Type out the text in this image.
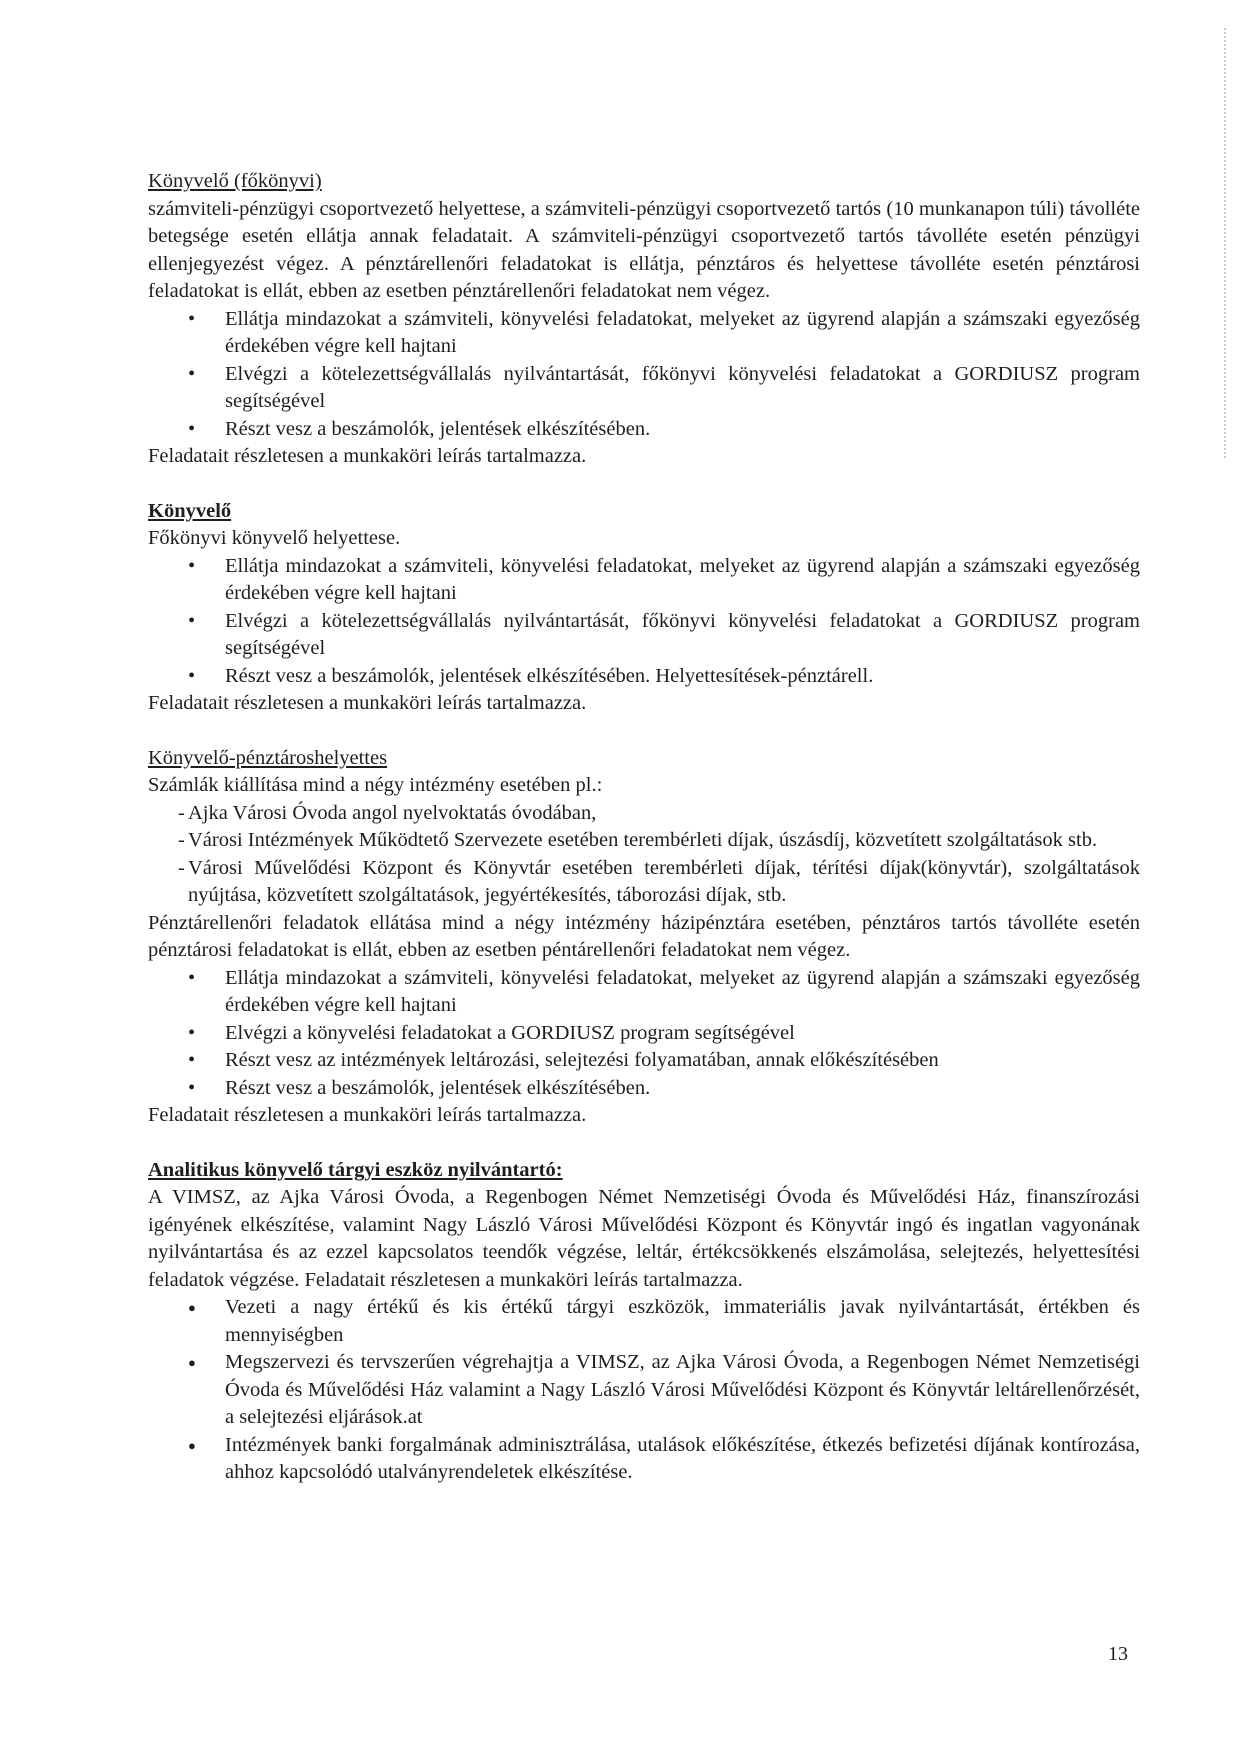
Könyvelő (főkönyvi)

számviteli-pénzügyi csoportvezető helyettese, a számviteli-pénzügyi csoportvezető tartós (10 munkanapon túli) távolléte betegsége esetén ellátja annak feladatait. A számviteli-pénzügyi csoportvezető tartós távolléte esetén pénzügyi ellenjegyezést végez. A pénztárellenőri feladatokat is ellátja, pénztáros és helyettese távolléte esetén pénztárosi feladatokat is ellát, ebben az esetben pénztárellenőri feladatokat nem végez.

• Ellátja mindazokat a számviteli, könyvelési feladatokat, melyeket az ügyrend alapján a számszaki egyezőség érdekében végre kell hajtani
• Elvégzi a kötelezettségvállalás nyilvántartását, főkönyvi könyvelési feladatokat a GORDIUSZ program segítségével
• Részt vesz a beszámolók, jelentések elkészítésében.

Feladatait részletesen a munkaköri leírás tartalmazza.

Könyvelő

Főkönyvi könyvelő helyettese.

• Ellátja mindazokat a számviteli, könyvelési feladatokat, melyeket az ügyrend alapján a számszaki egyezőség érdekében végre kell hajtani
• Elvégzi a kötelezettségvállalás nyilvántartását, főkönyvi könyvelési feladatokat a GORDIUSZ program segítségével
• Részt vesz a beszámolók, jelentések elkészítésében. Helyettesítések-pénztárell.

Feladatait részletesen a munkaköri leírás tartalmazza.

Könyvelő-pénztároshelyettes

Számlák kiállítása mind a négy intézmény esetében pl.:

- Ajka Városi Óvoda angol nyelvoktatás óvodában,
- Városi Intézmények Működtető Szervezete esetében terembérleti díjak, úszásdíj, közvetített szolgáltatások stb.
- Városi Művelődési Központ és Könyvtár esetében terembérleti díjak, térítési díjak(könyvtár), szolgáltatások nyújtása, közvetített szolgáltatások, jegyértékesítés, táborozási díjak, stb.

Pénztárellenőri feladatok ellátása mind a négy intézmény házipénztára esetében, pénztáros tartós távolléte esetén pénztárosi feladatokat is ellát, ebben az esetben péntárellenőri feladatokat nem végez.

• Ellátja mindazokat a számviteli, könyvelési feladatokat, melyeket az ügyrend alapján a számszaki egyezőség érdekében végre kell hajtani
• Elvégzi a könyvelési feladatokat a GORDIUSZ program segítségével
• Részt vesz az intézmények leltározási, selejtezési folyamatában, annak előkészítésében
• Részt vesz a beszámolók, jelentések elkészítésében.

Feladatait részletesen a munkaköri leírás tartalmazza.

Analitikus könyvelő tárgyi eszköz nyilvántartó:

A VIMSZ, az Ajka Városi Óvoda, a Regenbogen Német Nemzetiségi Óvoda és Művelődési Ház, finanszírozási igényének elkészítése, valamint Nagy László Városi Művelődési Központ és Könyvtár ingó és ingatlan vagyonának nyilvántartása és az ezzel kapcsolatos teendők végzése, leltár, értékcsökkenés elszámolása, selejtezés, helyettesítési feladatok végzése. Feladatait részletesen a munkaköri leírás tartalmazza.

● Vezeti a nagy értékű és kis értékű tárgyi eszközök, immateriális javak nyilvántartását, értékben és mennyiségben
● Megszervezi és tervszerűen végrehajtja a VIMSZ, az Ajka Városi Óvoda, a Regenbogen Német Nemzetiségi Óvoda és Művelődési Ház valamint a Nagy László Városi Művelődési Központ és Könyvtár leltárellenőrzését, a selejtezési eljárások.at
● Intézmények banki forgalmának adminisztrálása, utalások előkészítése, étkezés befizetési díjának kontírozása, ahhoz kapcsolódó utalványrendeletek elkészítése.
13
